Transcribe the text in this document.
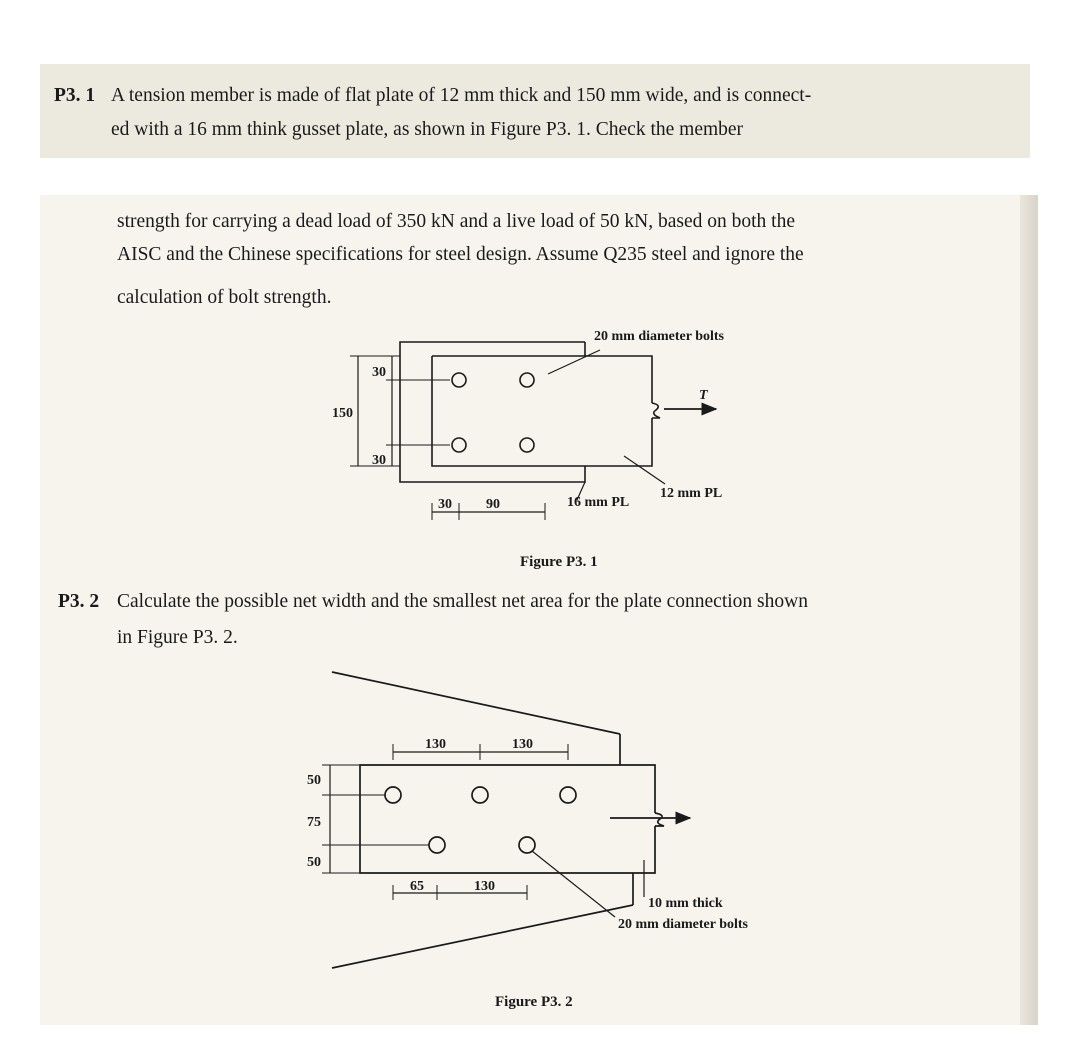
P3. 1 A tension member is made of flat plate of 12 mm thick and 150 mm wide, and is connect-
ed with a 16 mm think gusset plate, as shown in Figure P3. 1. Check the member
strength for carrying a dead load of 350 kN and a live load of 50 kN, based on both the
AISC and the Chinese specifications for steel design. Assume Q235 steel and ignore the
calculation of bolt strength.
P3. 2 Calculate the possible net width and the smallest net area for the plate connection shown
in Figure P3. 2.
30
150
30
30 90
20 mm diameter bolts
T
16 mm PL
12 mm PL
Figure P3. 1
130	130
50
75
50
65	130
10 mm thick
20 mm diameter bolts
Figure P3. 2
